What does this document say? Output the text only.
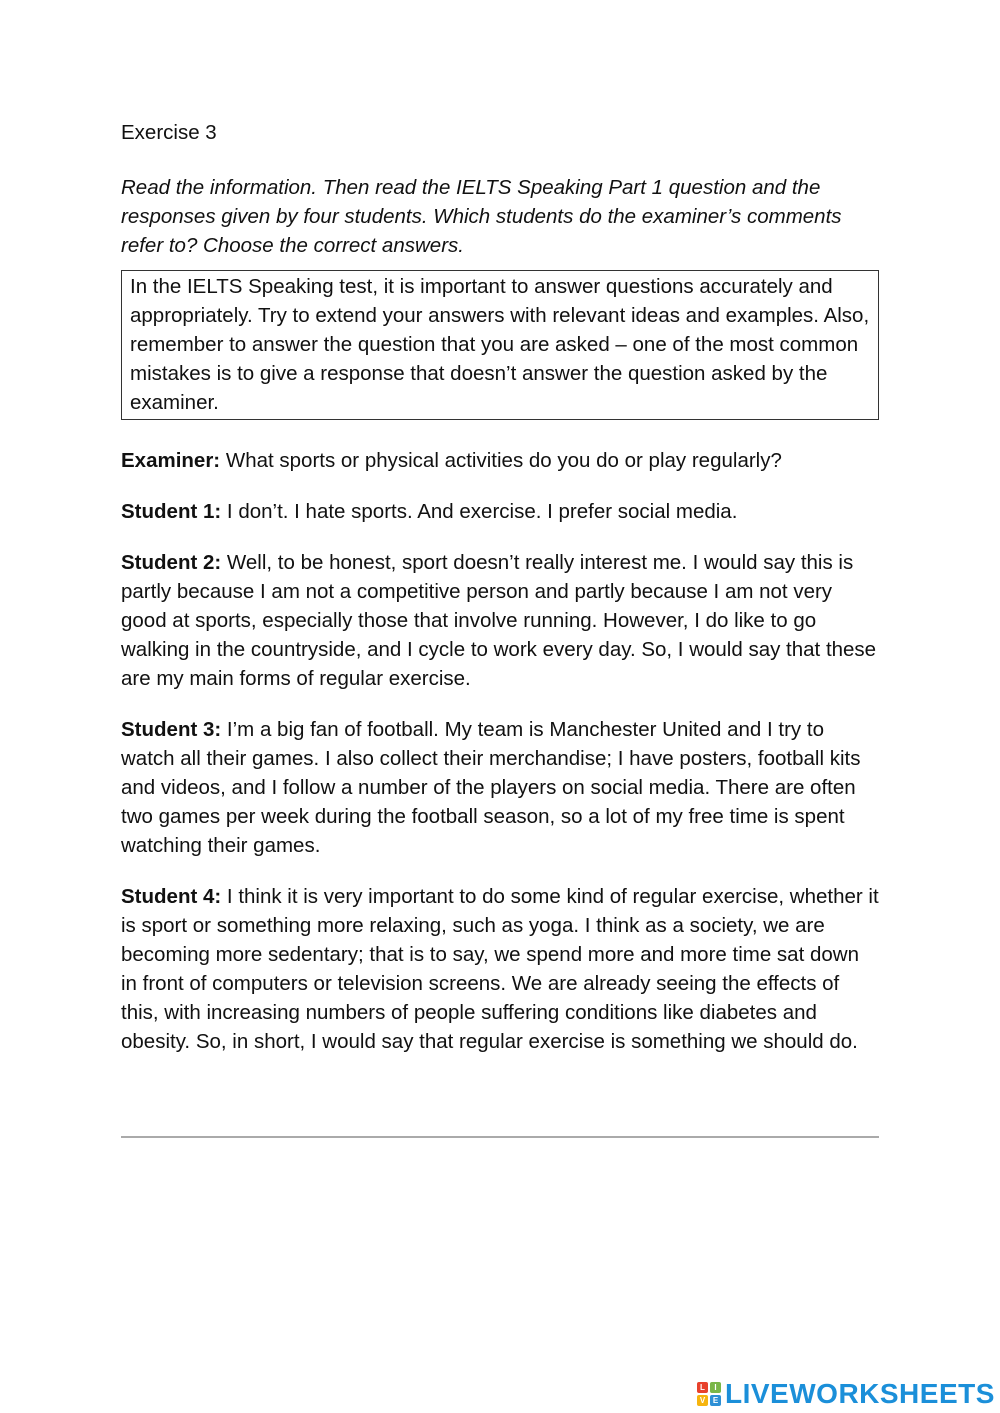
Exercise 3

Read the information. Then read the IELTS Speaking Part 1 question and the responses given by four students. Which students do the examiner’s comments refer to? Choose the correct answers.

In the IELTS Speaking test, it is important to answer questions accurately and appropriately. Try to extend your answers with relevant ideas and examples. Also, remember to answer the question that you are asked – one of the most common mistakes is to give a response that doesn’t answer the question asked by the examiner.

Examiner: What sports or physical activities do you do or play regularly?

Student 1: I don’t. I hate sports. And exercise. I prefer social media.

Student 2: Well, to be honest, sport doesn’t really interest me. I would say this is partly because I am not a competitive person and partly because I am not very good at sports, especially those that involve running. However, I do like to go walking in the countryside, and I cycle to work every day. So, I would say that these are my main forms of regular exercise.

Student 3: I’m a big fan of football. My team is Manchester United and I try to watch all their games. I also collect their merchandise; I have posters, football kits and videos, and I follow a number of the players on social media. There are often two games per week during the football season, so a lot of my free time is spent watching their games.

Student 4: I think it is very important to do some kind of regular exercise, whether it is sport or something more relaxing, such as yoga. I think as a society, we are becoming more sedentary; that is to say, we spend more and more time sat down in front of computers or television screens. We are already seeing the effects of this, with increasing numbers of people suffering conditions like diabetes and obesity. So, in short, I would say that regular exercise is something we should do.

L	I
V E LIVEWORKSHEETS
